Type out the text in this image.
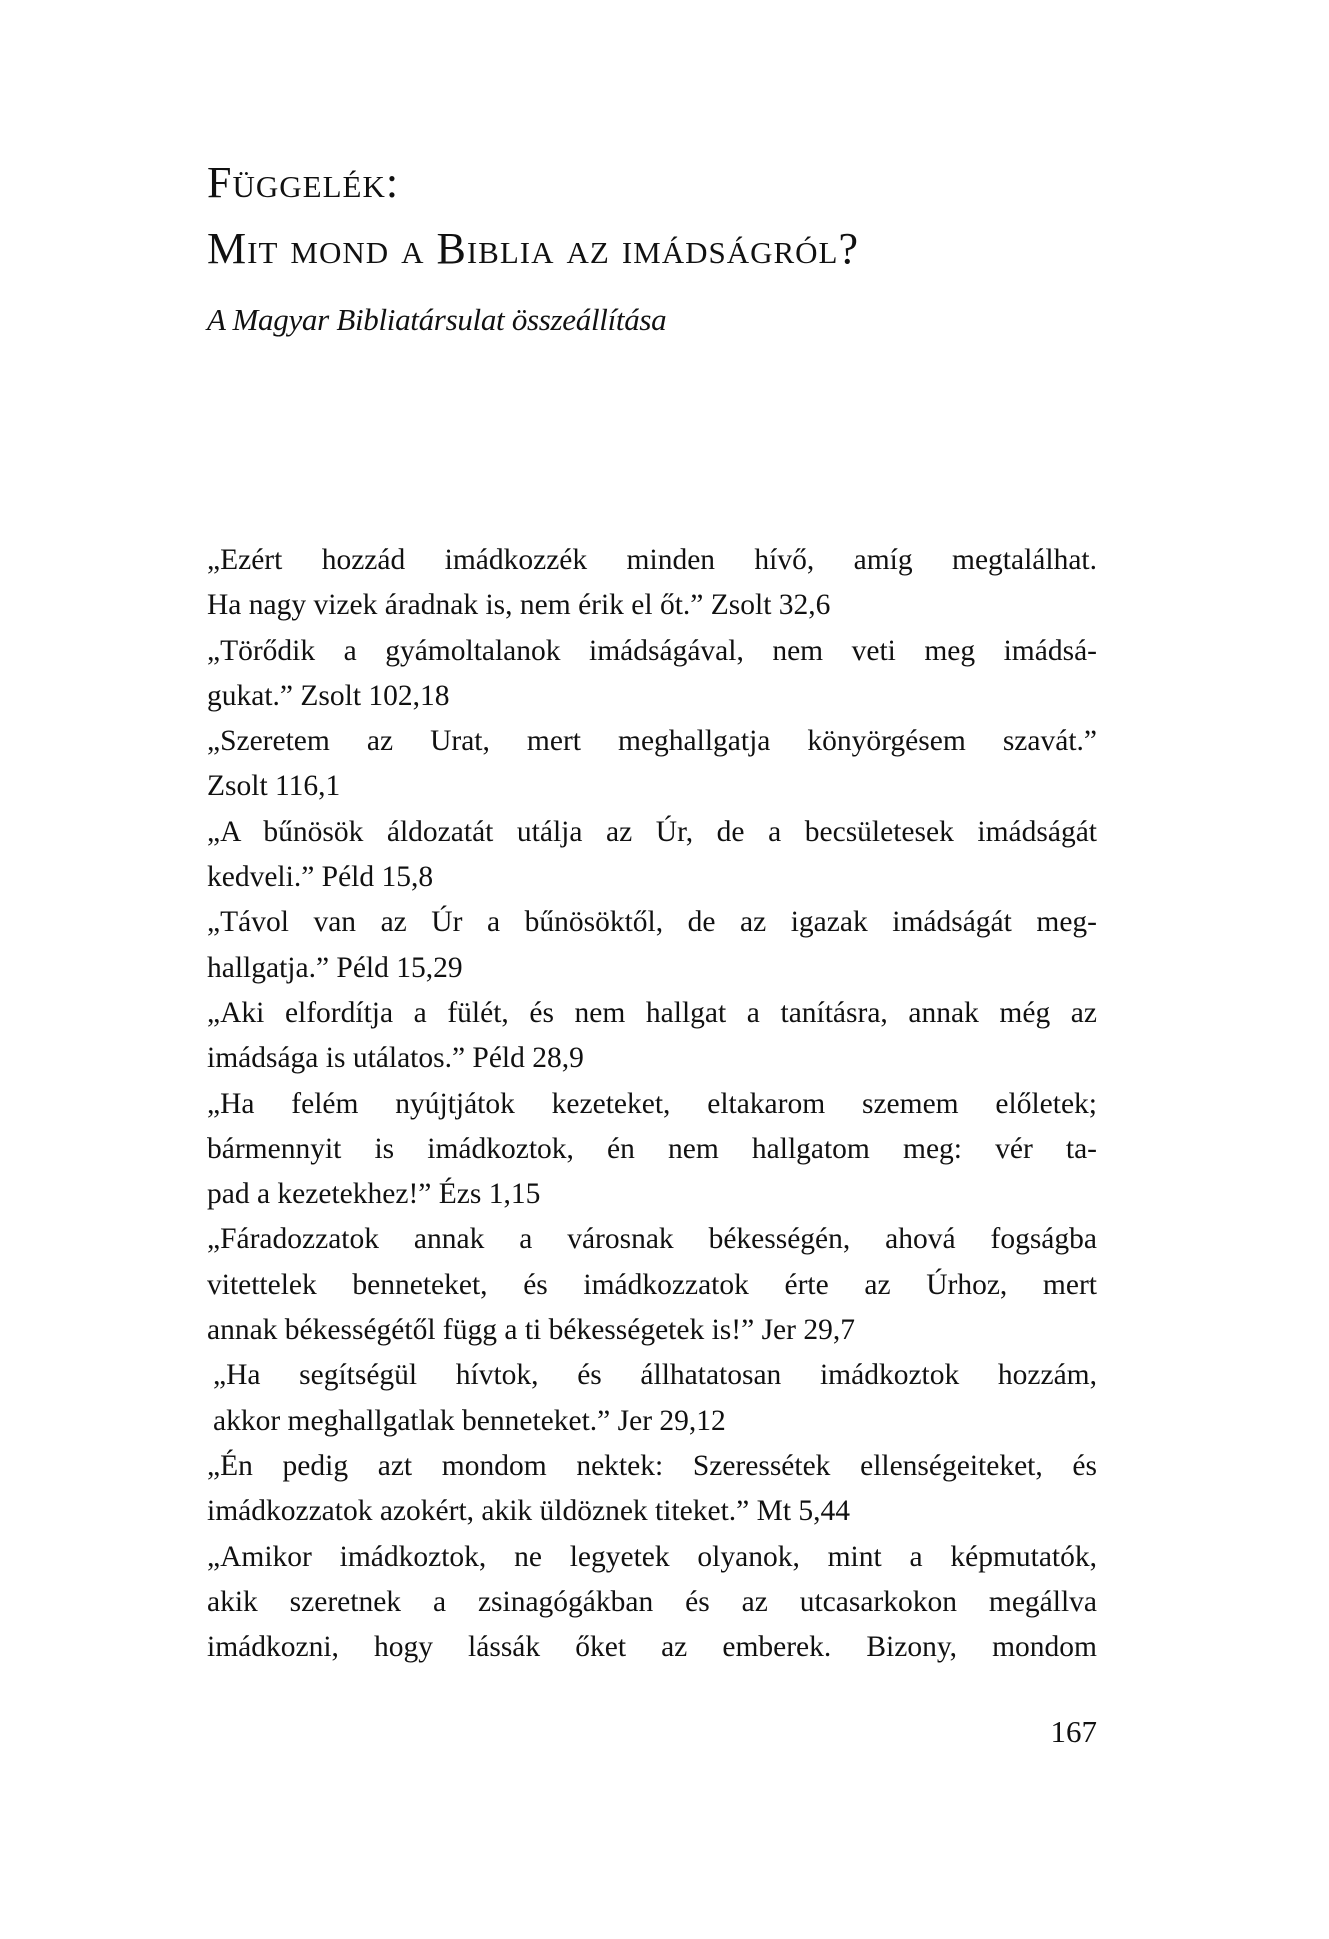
Függelék:
Mit mond a Biblia az imádságról?

A Magyar Bibliatársulat összeállítása

„Ezért hozzád imádkozzék minden hívő, amíg megtalálhat.
Ha nagy vizek áradnak is, nem érik el őt.” Zsolt 32,6

„Törődik a gyámoltalanok imádságával, nem veti meg imádsá-
gukat.” Zsolt 102,18

„Szeretem az Urat, mert meghallgatja könyörgésem szavát.”
Zsolt 116,1

„A bűnösök áldozatát utálja az Úr, de a becsületesek imádságát
kedveli.” Péld 15,8

„Távol van az Úr a bűnösöktől, de az igazak imádságát meg-
hallgatja.” Péld 15,29

„Aki elfordítja a fülét, és nem hallgat a tanításra, annak még az
imádsága is utálatos.” Péld 28,9

„Ha felém nyújtjátok kezeteket, eltakarom szemem előletek;
bármennyit is imádkoztok, én nem hallgatom meg: vér ta-
pad a kezetekhez!” Ézs 1,15

„Fáradozzatok annak a városnak békességén, ahová fogságba
vitettelek benneteket, és imádkozzatok érte az Úrhoz, mert
annak békességétől függ a ti békességetek is!” Jer 29,7

„Ha segítségül hívtok, és állhatatosan imádkoztok hozzám,
akkor meghallgatlak benneteket.” Jer 29,12

„Én pedig azt mondom nektek: Szeressétek ellenségeiteket, és
imádkozzatok azokért, akik üldöznek titeket.” Mt 5,44

„Amikor imádkoztok, ne legyetek olyanok, mint a képmutatók,
akik szeretnek a zsinagógákban és az utcasarkokon megállva
imádkozni, hogy lássák őket az emberek. Bizony, mondom

167
